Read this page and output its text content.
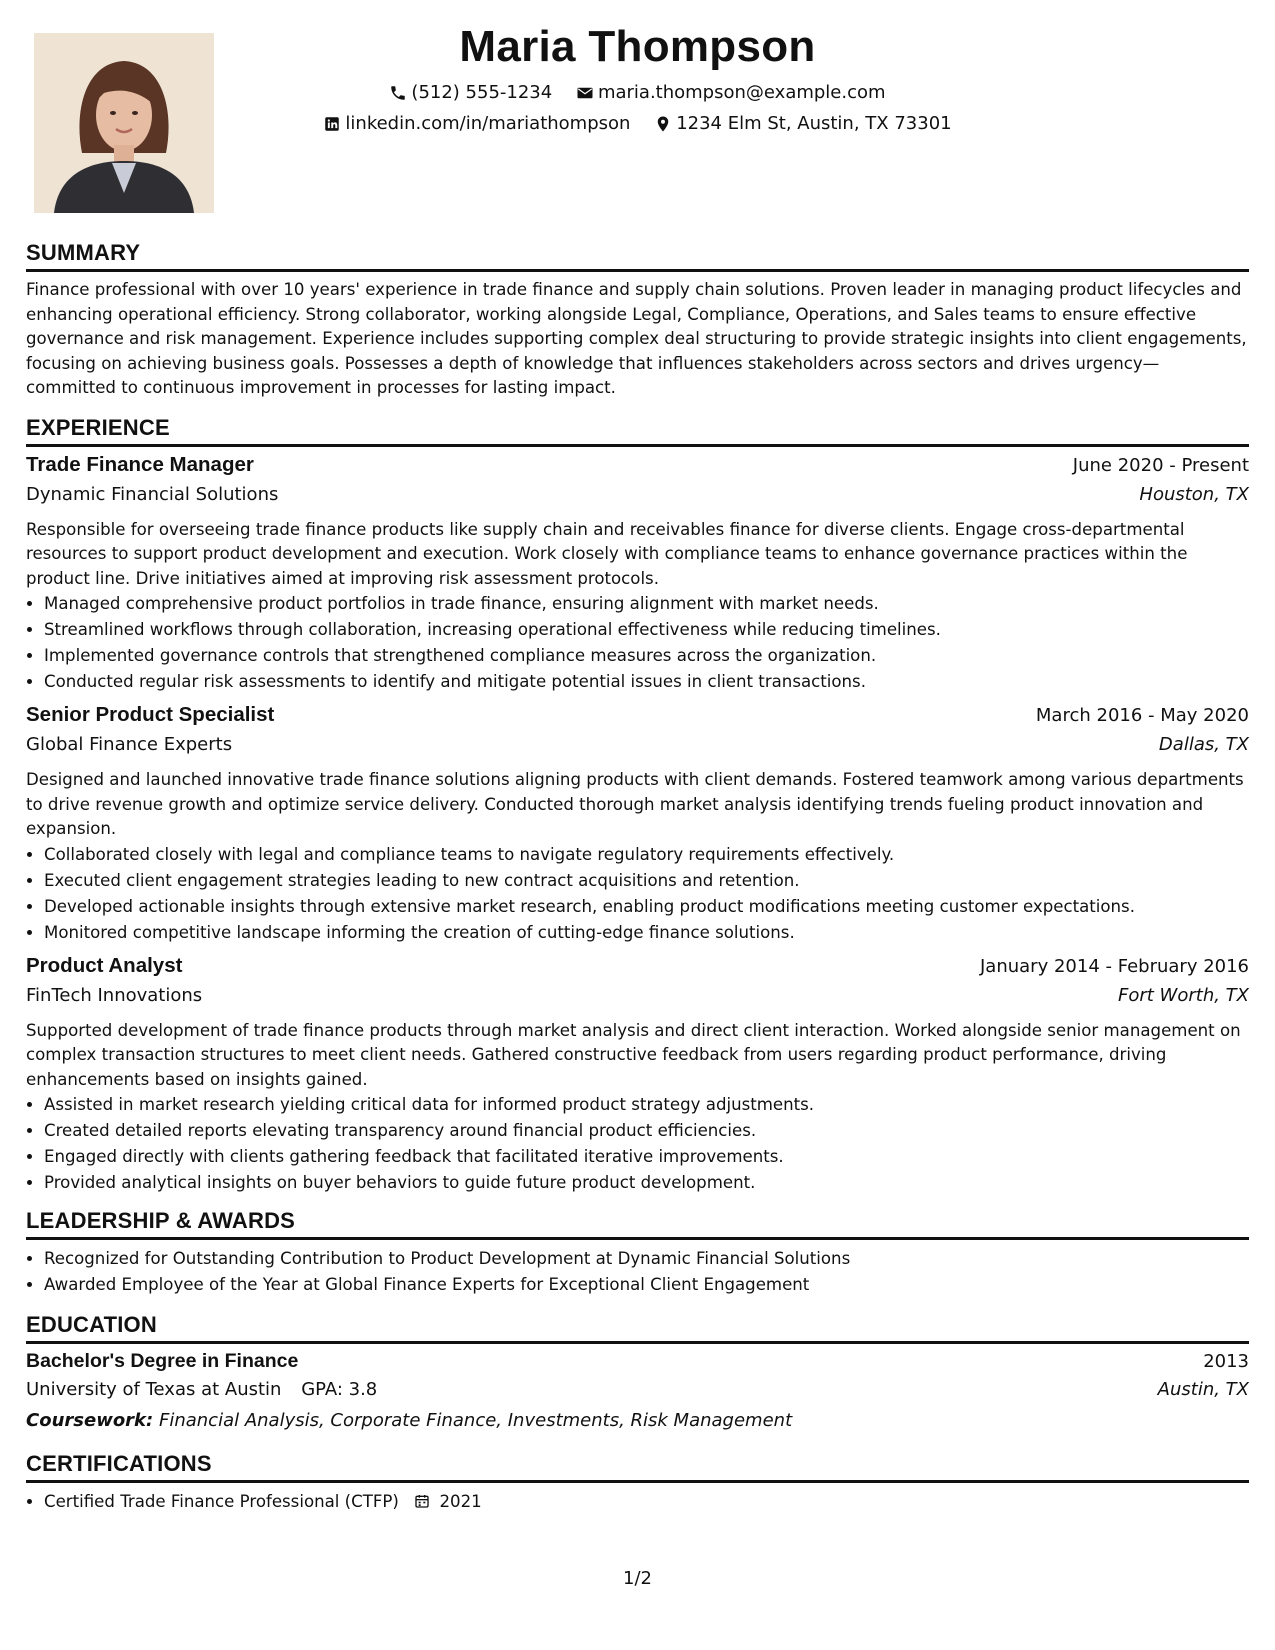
Maria Thompson
(512) 555-1234
	maria.thompson@example.com
linkedin.com/in/mariathompson
	1234 Elm St, Austin, TX 73301
SUMMARY

Finance professional with over 10 years' experience in trade finance and supply chain solutions. Proven leader in managing product lifecycles and enhancing operational efficiency. Strong collaborator, working alongside Legal, Compliance, Operations, and Sales teams to ensure effective governance and risk management. Experience includes supporting complex deal structuring to provide strategic insights into client engagements, focusing on achieving business goals. Possesses a depth of knowledge that influences stakeholders across sectors and drives urgency—committed to continuous improvement in processes for lasting impact.

EXPERIENCE
Trade Finance Manager	June 2020 - Present
Dynamic Financial Solutions	Houston, TX

Responsible for overseeing trade finance products like supply chain and receivables finance for diverse clients. Engage cross-departmental resources to support product development and execution. Work closely with compliance teams to enhance governance practices within the product line. Drive initiatives aimed at improving risk assessment protocols.

• Managed comprehensive product portfolios in trade finance, ensuring alignment with market needs.
• Streamlined workflows through collaboration, increasing operational effectiveness while reducing timelines.
• Implemented governance controls that strengthened compliance measures across the organization.
• Conducted regular risk assessments to identify and mitigate potential issues in client transactions.
Senior Product Specialist	March 2016 - May 2020
Global Finance Experts	Dallas, TX

Designed and launched innovative trade finance solutions aligning products with client demands. Fostered teamwork among various departments to drive revenue growth and optimize service delivery. Conducted thorough market analysis identifying trends fueling product innovation and expansion.

• Collaborated closely with legal and compliance teams to navigate regulatory requirements effectively.
• Executed client engagement strategies leading to new contract acquisitions and retention.
• Developed actionable insights through extensive market research, enabling product modifications meeting customer expectations.
• Monitored competitive landscape informing the creation of cutting-edge finance solutions.
Product Analyst	January 2014 - February 2016
FinTech Innovations	Fort Worth, TX

Supported development of trade finance products through market analysis and direct client interaction. Worked alongside senior management on complex transaction structures to meet client needs. Gathered constructive feedback from users regarding product performance, driving enhancements based on insights gained.

• Assisted in market research yielding critical data for informed product strategy adjustments.
• Created detailed reports elevating transparency around financial product efficiencies.
• Engaged directly with clients gathering feedback that facilitated iterative improvements.
• Provided analytical insights on buyer behaviors to guide future product development.
LEADERSHIP & AWARDS
• Recognized for Outstanding Contribution to Product Development at Dynamic Financial Solutions
• Awarded Employee of the Year at Global Finance Experts for Exceptional Client Engagement
EDUCATION
Bachelor's Degree in Finance	2013
University of Texas at Austin GPA: 3.8	Austin, TX
Coursework: Financial Analysis, Corporate Finance, Investments, Risk Management
CERTIFICATIONS
• Certified Trade Finance Professional (CTFP) 2021
1/2
